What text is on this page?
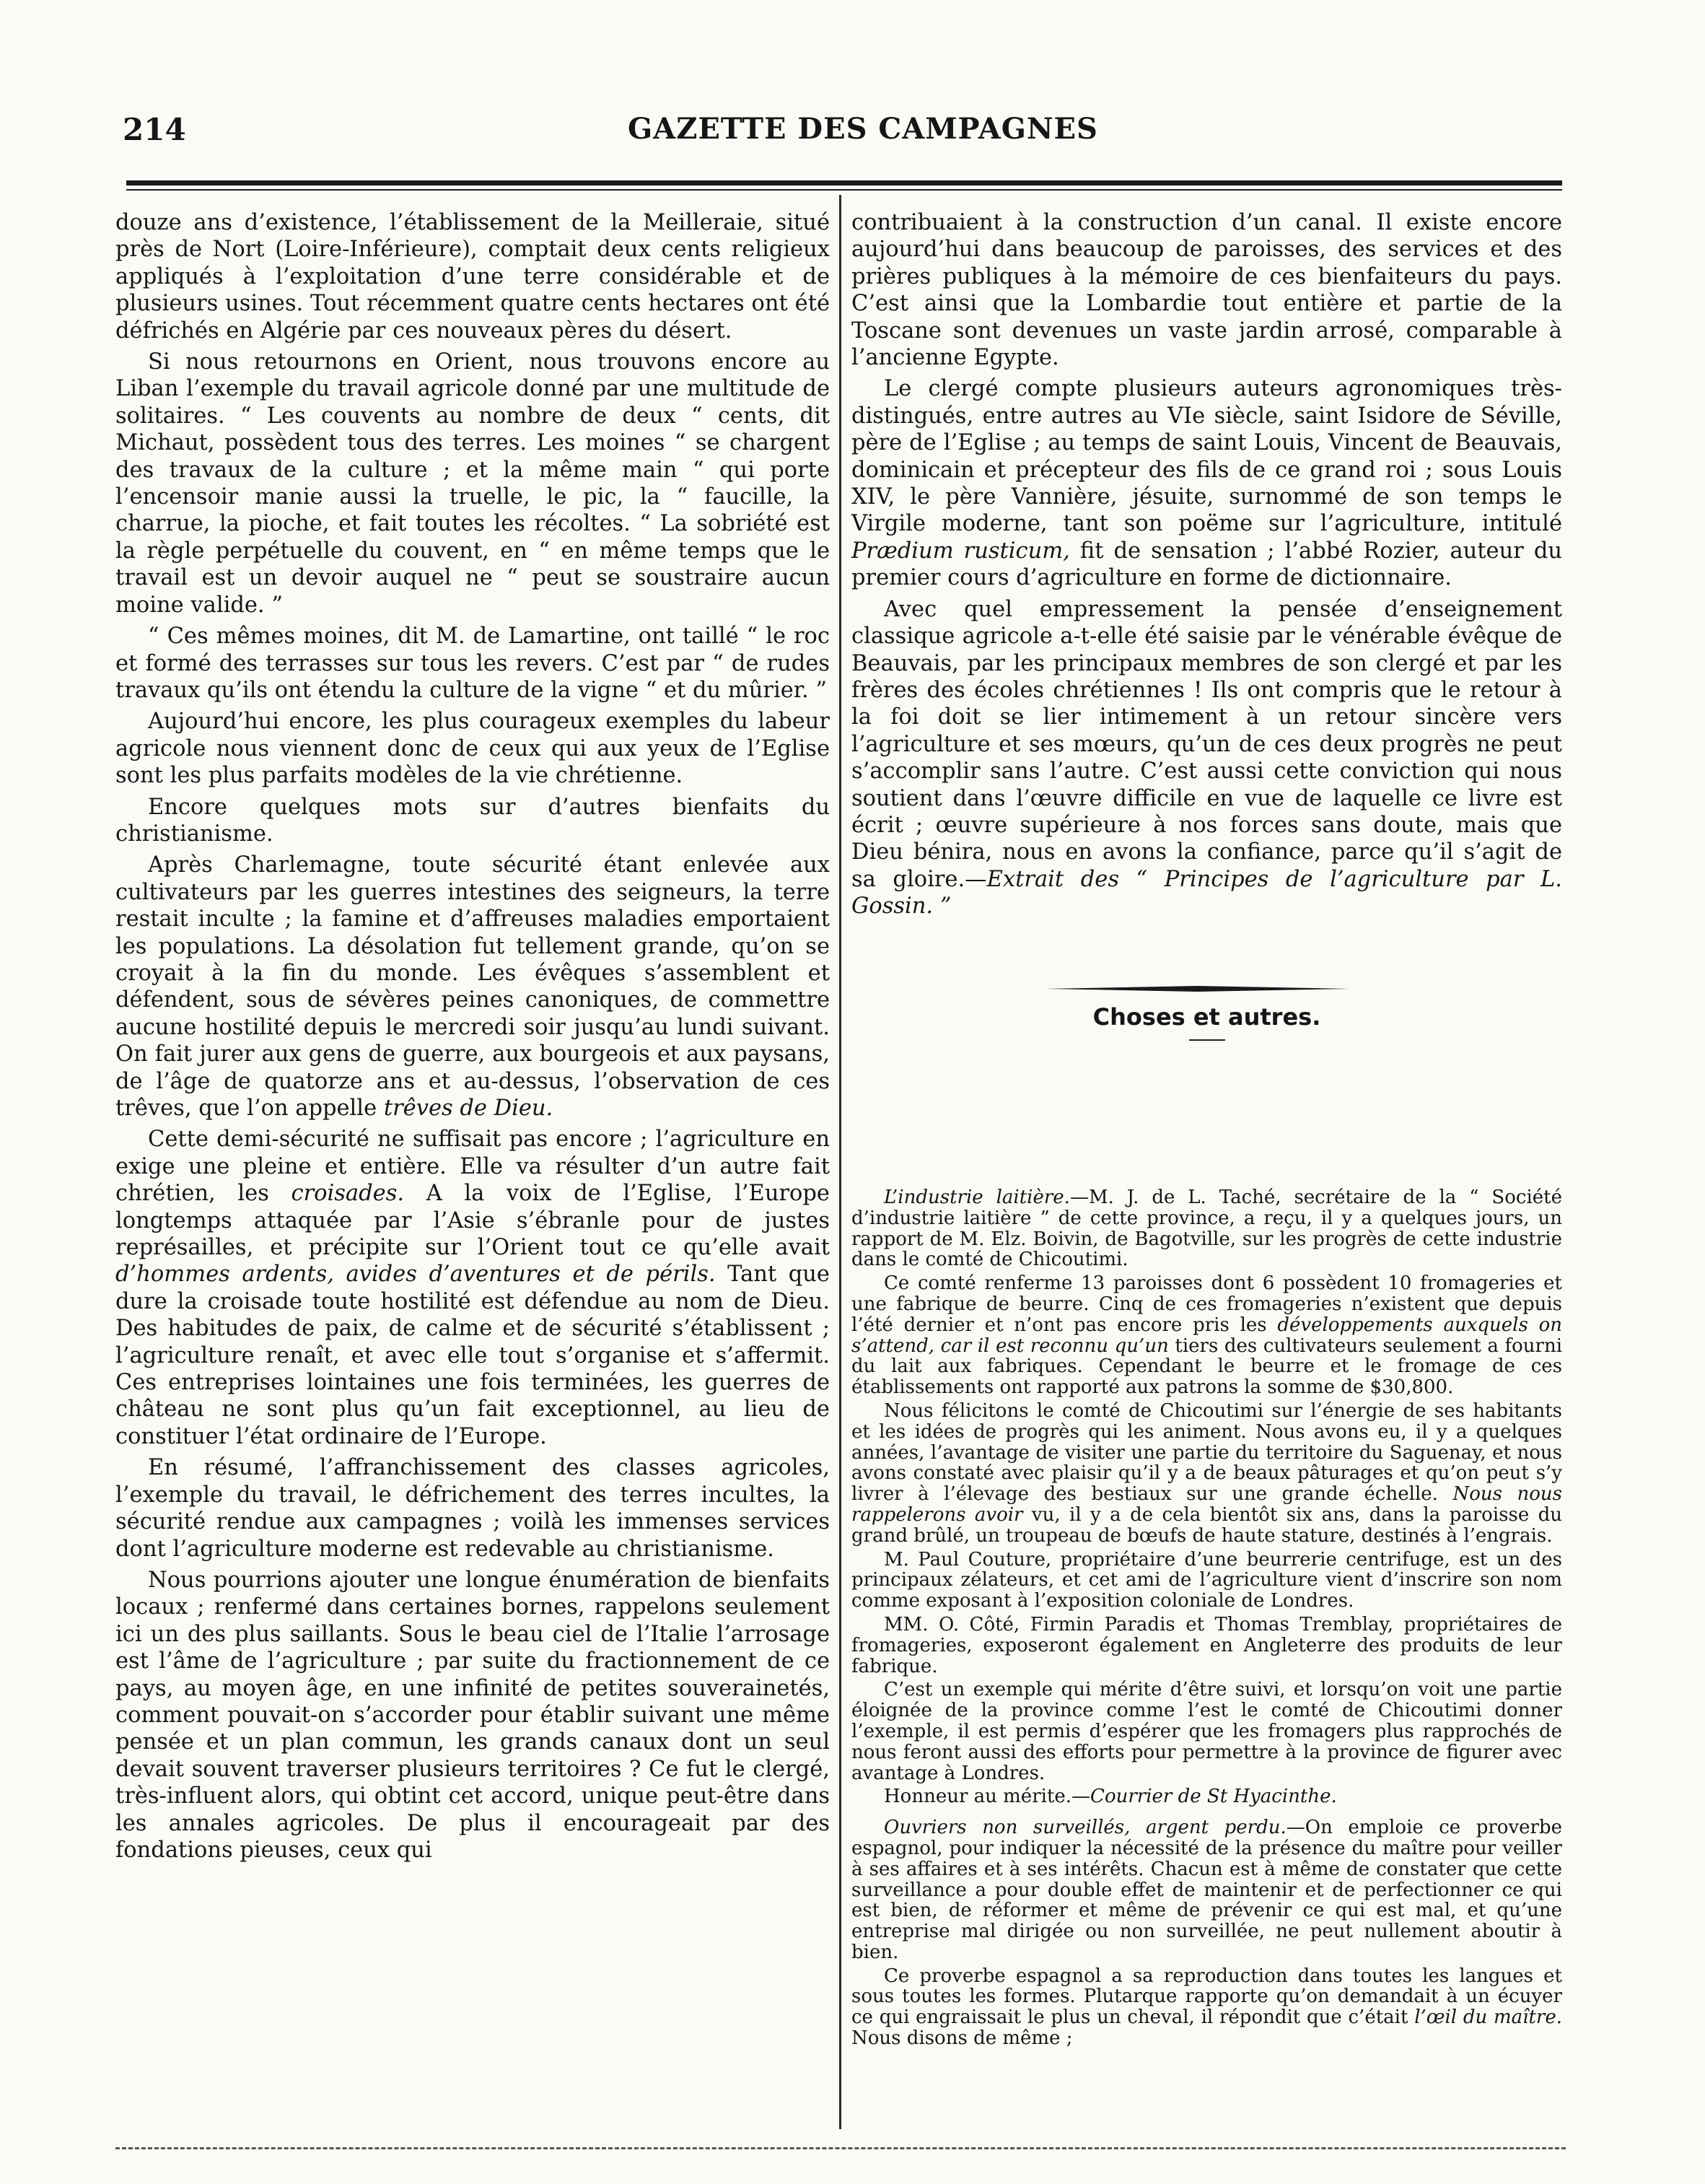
214	GAZETTE DES CAMPAGNES

douze ans d’existence, l’établissement de la Meilleraie, situé près de Nort (Loire-Inférieure), comptait deux cents religieux appliqués à l’exploitation d’une terre considérable et de plusieurs usines. Tout récemment quatre cents hectares ont été défrichés en Algérie par ces nouveaux pères du désert.

Si nous retournons en Orient, nous trouvons encore au Liban l’exemple du travail agricole donné par une multitude de solitaires. “ Les couvents au nombre de deux “ cents, dit Michaut, possèdent tous des terres. Les moines “ se chargent des travaux de la culture ; et la même main “ qui porte l’encensoir manie aussi la truelle, le pic, la “ faucille, la charrue, la pioche, et fait toutes les récoltes. “ La sobriété est la règle perpétuelle du couvent, en “ en même temps que le travail est un devoir auquel ne “ peut se soustraire aucun moine valide. ”

“ Ces mêmes moines, dit M. de Lamartine, ont taillé “ le roc et formé des terrasses sur tous les revers. C’est par “ de rudes travaux qu’ils ont étendu la culture de la vigne “ et du mûrier. ”

Aujourd’hui encore, les plus courageux exemples du labeur agricole nous viennent donc de ceux qui aux yeux de l’Eglise sont les plus parfaits modèles de la vie chrétienne.

Encore quelques mots sur d’autres bienfaits du christianisme.

Après Charlemagne, toute sécurité étant enlevée aux cultivateurs par les guerres intestines des seigneurs, la terre restait inculte ; la famine et d’affreuses maladies emportaient les populations. La désolation fut tellement grande, qu’on se croyait à la fin du monde. Les évêques s’assemblent et défendent, sous de sévères peines canoniques, de commettre aucune hostilité depuis le mercredi soir jusqu’au lundi suivant. On fait jurer aux gens de guerre, aux bourgeois et aux paysans, de l’âge de quatorze ans et au-dessus, l’observation de ces trêves, que l’on appelle trêves de Dieu.

Cette demi-sécurité ne suffisait pas encore ; l’agriculture en exige une pleine et entière. Elle va résulter d’un autre fait chrétien, les croisades. A la voix de l’Eglise, l’Europe longtemps attaquée par l’Asie s’ébranle pour de justes représailles, et précipite sur l’Orient tout ce qu’elle avait d’hommes ardents, avides d’aventures et de périls. Tant que dure la croisade toute hostilité est défendue au nom de Dieu. Des habitudes de paix, de calme et de sécurité s’établissent ; l’agriculture renaît, et avec elle tout s’organise et s’affermit. Ces entreprises lointaines une fois terminées, les guerres de château ne sont plus qu’un fait exceptionnel, au lieu de constituer l’état ordinaire de l’Europe.

En résumé, l’affranchissement des classes agricoles, l’exemple du travail, le défrichement des terres incultes, la sécurité rendue aux campagnes ; voilà les immenses services dont l’agriculture moderne est redevable au christianisme.

Nous pourrions ajouter une longue énumération de bienfaits locaux ; renfermé dans certaines bornes, rappelons seulement ici un des plus saillants. Sous le beau ciel de l’Italie l’arrosage est l’âme de l’agriculture ; par suite du fractionnement de ce pays, au moyen âge, en une infinité de petites souverainetés, comment pouvait-on s’accorder pour établir suivant une même pensée et un plan commun, les grands canaux dont un seul devait souvent traverser plusieurs territoires ? Ce fut le clergé, très-influent alors, qui obtint cet accord, unique peut-être dans les annales agricoles. De plus il encourageait par des fondations pieuses, ceux qui

contribuaient à la construction d’un canal. Il existe encore aujourd’hui dans beaucoup de paroisses, des services et des prières publiques à la mémoire de ces bienfaiteurs du pays. C’est ainsi que la Lombardie tout entière et partie de la Toscane sont devenues un vaste jardin arrosé, comparable à l’ancienne Egypte.

Le clergé compte plusieurs auteurs agronomiques très-distingués, entre autres au VIe siècle, saint Isidore de Séville, père de l’Eglise ; au temps de saint Louis, Vincent de Beauvais, dominicain et précepteur des fils de ce grand roi ; sous Louis XIV, le père Vannière, jésuite, surnommé de son temps le Virgile moderne, tant son poëme sur l’agriculture, intitulé Prædium rusticum, fit de sensation ; l’abbé Rozier, auteur du premier cours d’agriculture en forme de dictionnaire.

Avec quel empressement la pensée d’enseignement classique agricole a-t-elle été saisie par le vénérable évêque de Beauvais, par les principaux membres de son clergé et par les frères des écoles chrétiennes ! Ils ont compris que le retour à la foi doit se lier intimement à un retour sincère vers l’agriculture et ses mœurs, qu’un de ces deux progrès ne peut s’accomplir sans l’autre. C’est aussi cette conviction qui nous soutient dans l’œuvre difficile en vue de laquelle ce livre est écrit ; œuvre supérieure à nos forces sans doute, mais que Dieu bénira, nous en avons la confiance, parce qu’il s’agit de sa gloire.—Extrait des “ Principes de l’agriculture par L. Gossin. ”

Choses et autres.

L’industrie laitière.—M. J. de L. Taché, secrétaire de la “ Société d’industrie laitière ” de cette province, a reçu, il y a quelques jours, un rapport de M. Elz. Boivin, de Bagotville, sur les progrès de cette industrie dans le comté de Chicoutimi.

Ce comté renferme 13 paroisses dont 6 possèdent 10 fromageries et une fabrique de beurre. Cinq de ces fromageries n’existent que depuis l’été dernier et n’ont pas encore pris les développements auxquels on s’attend, car il est reconnu qu’un tiers des cultivateurs seulement a fourni du lait aux fabriques. Cependant le beurre et le fromage de ces établissements ont rapporté aux patrons la somme de $30,800.

Nous félicitons le comté de Chicoutimi sur l’énergie de ses habitants et les idées de progrès qui les animent. Nous avons eu, il y a quelques années, l’avantage de visiter une partie du territoire du Saguenay, et nous avons constaté avec plaisir qu’il y a de beaux pâturages et qu’on peut s’y livrer à l’élevage des bestiaux sur une grande échelle. Nous nous rappelerons avoir vu, il y a de cela bientôt six ans, dans la paroisse du grand brûlé, un troupeau de bœufs de haute stature, destinés à l’engrais.

M. Paul Couture, propriétaire d’une beurrerie centrifuge, est un des principaux zélateurs, et cet ami de l’agriculture vient d’inscrire son nom comme exposant à l’exposition coloniale de Londres.

MM. O. Côté, Firmin Paradis et Thomas Tremblay, propriétaires de fromageries, exposeront également en Angleterre des produits de leur fabrique.

C’est un exemple qui mérite d’être suivi, et lorsqu’on voit une partie éloignée de la province comme l’est le comté de Chicoutimi donner l’exemple, il est permis d’espérer que les fromagers plus rapprochés de nous feront aussi des efforts pour permettre à la province de figurer avec avantage à Londres.

Honneur au mérite.—Courrier de St Hyacinthe.

Ouvriers non surveillés, argent perdu.—On emploie ce proverbe espagnol, pour indiquer la nécessité de la présence du maître pour veiller à ses affaires et à ses intérêts. Chacun est à même de constater que cette surveillance a pour double effet de maintenir et de perfectionner ce qui est bien, de réformer et même de prévenir ce qui est mal, et qu’une entreprise mal dirigée ou non surveillée, ne peut nullement aboutir à bien.

Ce proverbe espagnol a sa reproduction dans toutes les langues et sous toutes les formes. Plutarque rapporte qu’on demandait à un écuyer ce qui engraissait le plus un cheval, il répondit que c’était l’œil du maître. Nous disons de même ;
